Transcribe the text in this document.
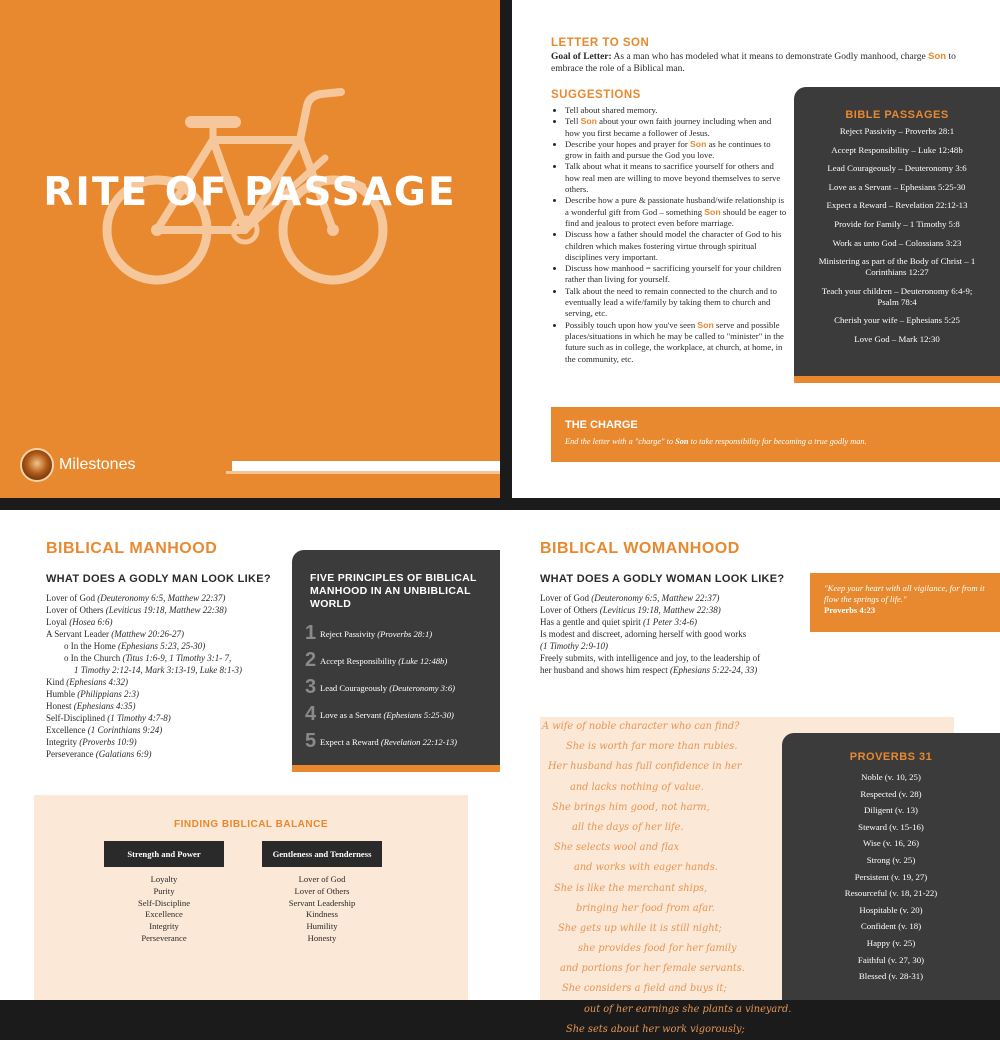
RITE OF PASSAGE
Milestones
LETTER TO SON
Goal of Letter: As a man who has modeled what it means to demonstrate Godly manhood, charge Son to embrace the role of a Biblical man.
SUGGESTIONS
• Tell about shared memory.
• Tell Son about your own faith journey including when and how you first became a follower of Jesus.
• Describe your hopes and prayer for Son as he continues to grow in faith and pursue the God you love.
• Talk about what it means to sacrifice yourself for others and how real men are willing to move beyond themselves to serve others.
• Describe how a pure & passionate husband/wife relationship is a wonderful gift from God – something Son should be eager to find and jealous to protect even before marriage.
• Discuss how a father should model the character of God to his children which makes fostering virtue through spiritual disciplines very important.
• Discuss how manhood = sacrificing yourself for your children rather than living for yourself.
• Talk about the need to remain connected to the church and to eventually lead a wife/family by taking them to church and serving, etc.
• Possibly touch upon how you've seen Son serve and possible places/situations in which he may be called to "minister" in the future such as in college, the workplace, at church, at home, in the community, etc.
BIBLE PASSAGES
Reject Passivity – Proverbs 28:1
Accept Responsibility – Luke 12:48b
Lead Courageously – Deuteronomy 3:6
Love as a Servant – Ephesians 5:25-30
Expect a Reward – Revelation 22:12-13
Provide for Family – 1 Timothy 5:8
Work as unto God – Colossians 3:23
Ministering as part of the Body of Christ – 1 Corinthians 12:27
Teach your children – Deuteronomy 6:4-9; Psalm 78:4
Cherish your wife – Ephesians 5:25
Love God – Mark 12:30
THE CHARGE

End the letter with a "charge" to Son to take responsibility for becoming a true godly man.

BIBLICAL MANHOOD
WHAT DOES A GODLY MAN LOOK LIKE?
Lover of God (Deuteronomy 6:5, Matthew 22:37)
Lover of Others (Leviticus 19:18, Matthew 22:38)
Loyal (Hosea 6:6)
A Servant Leader (Matthew 20:26-27)
o In the Home (Ephesians 5:23, 25-30)
o In the Church (Titus 1:6-9, 1 Timothy 3:1- 7,
1 Timothy 2:12-14, Mark 3:13-19, Luke 8:1-3)
Kind (Ephesians 4:32)
Humble (Philippians 2:3)
Honest (Ephesians 4:35)
Self-Disciplined (1 Timothy 4:7-8)
Excellence (1 Corinthians 9:24)
Integrity (Proverbs 10:9)
Perseverance (Galatians 6:9)
FIVE PRINCIPLES OF BIBLICAL MANHOOD IN AN UNBIBLICAL WORLD
1 Reject Passivity (Proverbs 28:1)
2 Accept Responsibility (Luke 12:48b)
3 Lead Courageously (Deuteronomy 3:6)
4 Love as a Servant (Ephesians 5:25-30)
5 Expect a Reward (Revelation 22:12-13)
FINDING BIBLICAL BALANCE
Strength and Power
Loyalty
Purity
Self-Discipline
Excellence
Integrity
Perseverance
Gentleness and Tenderness
Lover of God
Lover of Others
Servant Leadership
Kindness
Humility
Honesty
BIBLICAL WOMANHOOD
WHAT DOES A GODLY WOMAN LOOK LIKE?
Lover of God (Deuteronomy 6:5, Matthew 22:37)
Lover of Others (Leviticus 19:18, Matthew 22:38)
Has a gentle and quiet spirit (1 Peter 3:4-6)
Is modest and discreet, adorning herself with good works
(1 Timothy 2:9-10)
Freely submits, with intelligence and joy, to the leadership of
her husband and shows him respect (Ephesians 5:22-24, 33)
"Keep your heart with all vigilance, for from it flow the springs of life."
Proverbs 4:23

A wife of noble character who can find?

She is worth far more than rubies.

Her husband has full confidence in her

and lacks nothing of value.

She brings him good, not harm,

all the days of her life.

She selects wool and flax

and works with eager hands.

She is like the merchant ships,

bringing her food from afar.

She gets up while it is still night;

she provides food for her family

and portions for her female servants.

She considers a field and buys it;

out of her earnings she plants a vineyard.

She sets about her work vigorously;

PROVERBS 31
Noble (v. 10, 25)
Respected (v. 28)
Diligent (v. 13)
Steward (v. 15-16)
Wise (v. 16, 26)
Strong (v. 25)
Persistent (v. 19, 27)
Resourceful (v. 18, 21-22)
Hospitable (v. 20)
Confident (v. 18)
Happy (v. 25)
Faithful (v. 27, 30)
Blessed (v. 28-31)
